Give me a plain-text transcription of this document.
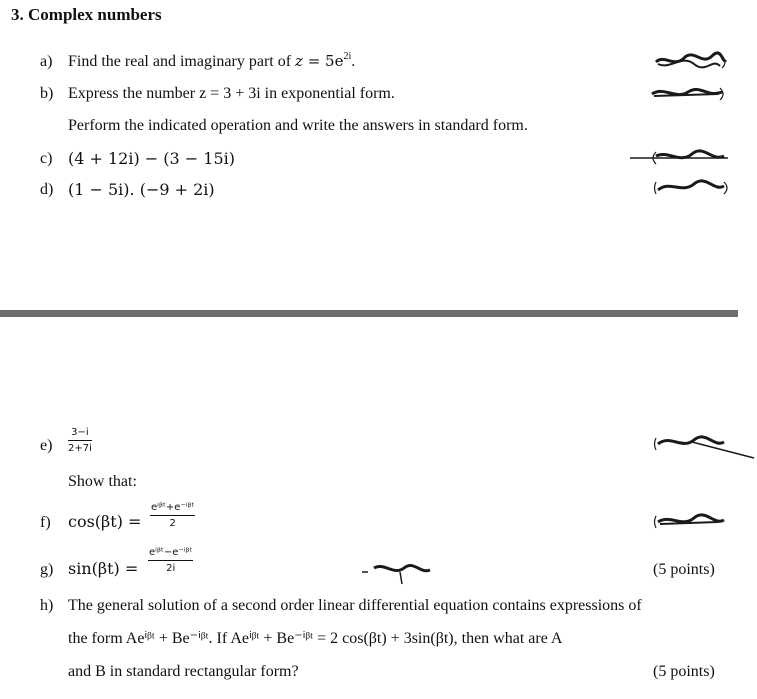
3. Complex numbers
a) Find the real and imaginary part of $z = 5e^{2i}$.
b) Express the number z = 3 + 3i in exponential form.
Perform the indicated operation and write the answers in standard form.
c) (4 + 12i) − (3 − 15i)
d) (1 − 5i). (−9 + 2i)
$e) \frac{3-i}{2+7i}$
Show that:
f) cos(βt) =
eⁱᵝᵗ+e⁻ⁱᵝᵗ
2
g) sin(βt) =
eⁱᵝᵗ−e⁻ⁱᵝᵗ
2i	(5 points)
h) The general solution of a second order linear differential equation contains expressions of
the form Aeⁱᵝᵗ + Be⁻ⁱᵝᵗ. If Aeⁱᵝᵗ + Be⁻ⁱᵝᵗ = 2 cos(βt) + 3sin(βt), then what are A
and B in standard rectangular form?	(5 points)
